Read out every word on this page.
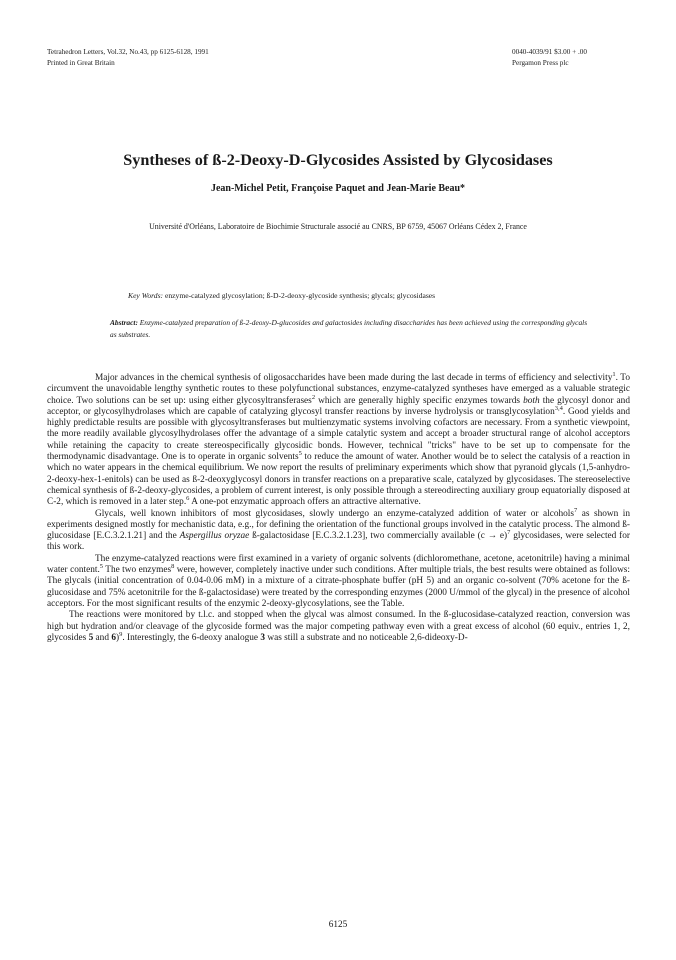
Tetrahedron Letters, Vol.32, No.43, pp 6125-6128, 1991
Printed in Great Britain
0040-4039/91 $3.00 + .00
Pergamon Press plc
Syntheses of ß-2-Deoxy-D-Glycosides Assisted by Glycosidases
Jean-Michel Petit, Françoise Paquet and Jean-Marie Beau*
Université d'Orléans, Laboratoire de Biochimie Structurale associé au CNRS, BP 6759, 45067 Orléans Cédex 2, France
Key Words: enzyme-catalyzed glycosylation; ß-D-2-deoxy-glycoside synthesis; glycals; glycosidases
Abstract: Enzyme-catalyzed preparation of ß-2-deoxy-D-glucosides and galactosides including disaccharides has been achieved using the corresponding glycals as substrates.

Major advances in the chemical synthesis of oligosaccharides have been made during the last decade in terms of efficiency and selectivity$^1$. To circumvent the unavoidable lengthy synthetic routes to these polyfunctional substances, enzyme-catalyzed syntheses have emerged as a valuable strategic choice. Two solutions can be set up: using either glycosyltransferases$^2$ which are generally highly specific enzymes towards both the glycosyl donor and acceptor, or glycosylhydrolases which are capable of catalyzing glycosyl transfer reactions by inverse hydrolysis or transglycosylation$^{3,4}$. Good yields and highly predictable results are possible with glycosyltransferases but multienzymatic systems involving cofactors are necessary. From a synthetic viewpoint, the more readily available glycosylhydrolases offer the advantage of a simple catalytic system and accept a broader structural range of alcohol acceptors while retaining the capacity to create stereospecifically glycosidic bonds. However, technical "tricks" have to be set up to compensate for the thermodynamic disadvantage. One is to operate in organic solvents$^5$ to reduce the amount of water. Another would be to select the catalysis of a reaction in which no water appears in the chemical equilibrium. We now report the results of preliminary experiments which show that pyranoid glycals (1,5-anhydro-2-deoxy-hex-1-enitols) can be used as ß-2-deoxyglycosyl donors in transfer reactions on a preparative scale, catalyzed by glycosidases. The stereoselective chemical synthesis of ß-2-deoxy-glycosides, a problem of current interest, is only possible through a stereodirecting auxiliary group equatorially disposed at C-2, which is removed in a later step.$^6$ A one-pot enzymatic approach offers an attractive alternative.

Glycals, well known inhibitors of most glycosidases, slowly undergo an enzyme-catalyzed addition of water or alcohols$^7$ as shown in experiments designed mostly for mechanistic data, e.g., for defining the orientation of the functional groups involved in the catalytic process. The almond ß-glucosidase [E.C.3.2.1.21] and the Aspergillus oryzae ß-galactosidase [E.C.3.2.1.23], two commercially available $(c \to e)^7$ glycosidases, were selected for this work.

The enzyme-catalyzed reactions were first examined in a variety of organic solvents (dichloromethane, acetone, acetonitrile) having a minimal water content.$^5$ The two enzymes$^8$ were, however, completely inactive under such conditions. After multiple trials, the best results were obtained as follows: The glycals (initial concentration of 0.04-0.06 mM) in a mixture of a citrate-phosphate buffer (pH 5) and an organic co-solvent (70% acetone for the ß-glucosidase and 75% acetonitrile for the ß-galactosidase) were treated by the corresponding enzymes (2000 U/mmol of the glycal) in the presence of alcohol acceptors. For the most significant results of the enzymic 2-deoxy-glycosylations, see the Table.

The reactions were monitored by t.l.c. and stopped when the glycal was almost consumed. In the ß-glucosidase-catalyzed reaction, conversion was high but hydration and/or cleavage of the glycoside formed was the major competing pathway even with a great excess of alcohol (60 equiv., entries 1, 2, glycosides 5 and 6)$^9$. Interestingly, the 6-deoxy analogue 3 was still a substrate and no noticeable 2,6-dideoxy-D-

6125
